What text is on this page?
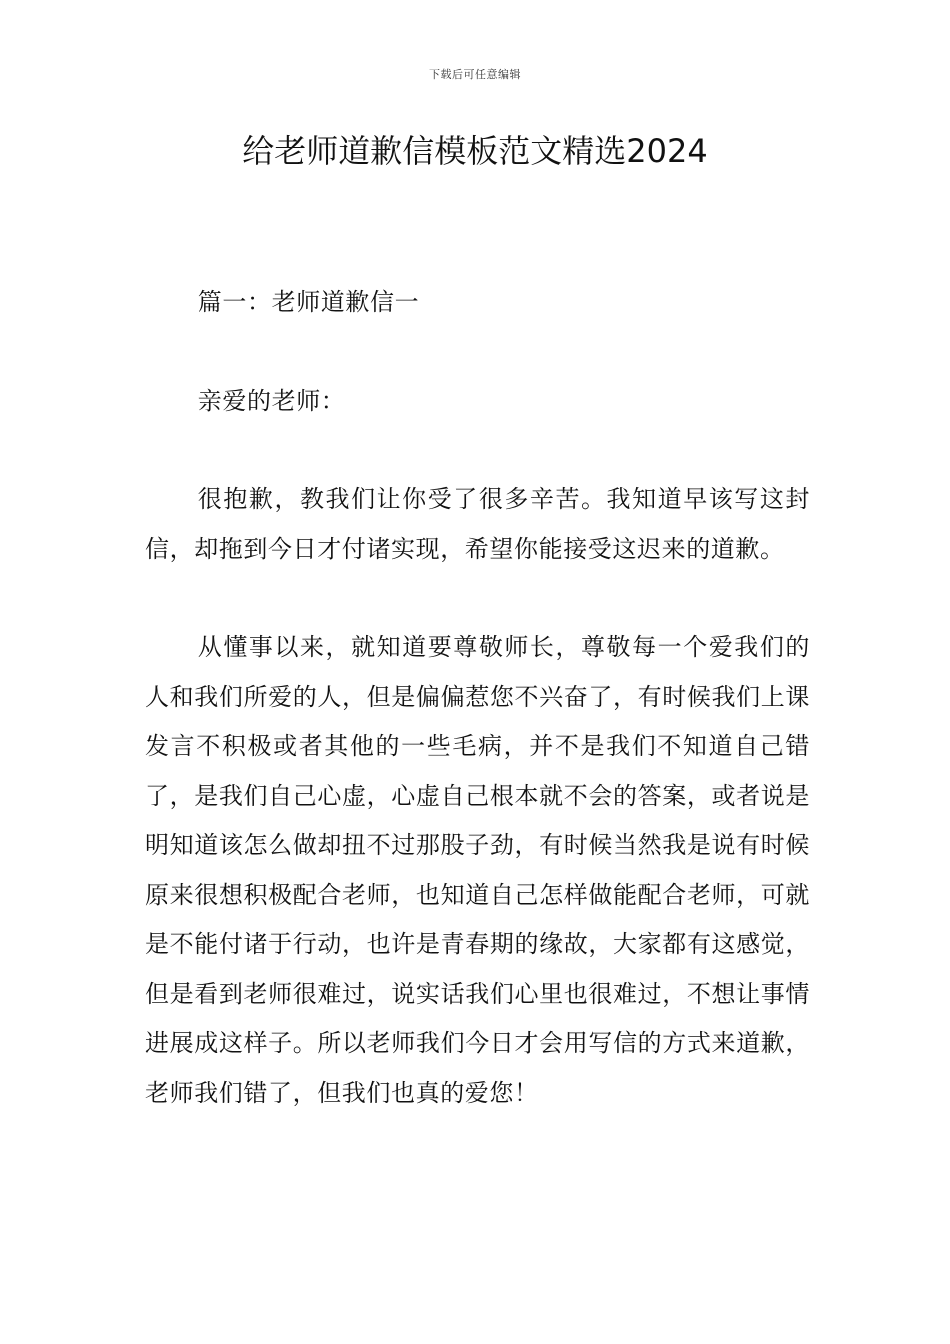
下载后可任意编辑
给老师道歉信模板范文精选2024

篇一：老师道歉信一

亲爱的老师：

很抱歉，教我们让你受了很多辛苦。我知道早该写这封信，却拖到今日才付诸实现，希望你能接受这迟来的道歉。

从懂事以来，就知道要尊敬师长，尊敬每一个爱我们的人和我们所爱的人，但是偏偏惹您不兴奋了，有时候我们上课发言不积极或者其他的一些毛病，并不是我们不知道自己错了，是我们自己心虚，心虚自己根本就不会的答案，或者说是明知道该怎么做却扭不过那股子劲，有时候当然我是说有时候原来很想积极配合老师，也知道自己怎样做能配合老师，可就是不能付诸于行动，也许是青春期的缘故，大家都有这感觉，但是看到老师很难过，说实话我们心里也很难过，不想让事情进展成这样子。所以老师我们今日才会用写信的方式来道歉，老师我们错了，但我们也真的爱您！
